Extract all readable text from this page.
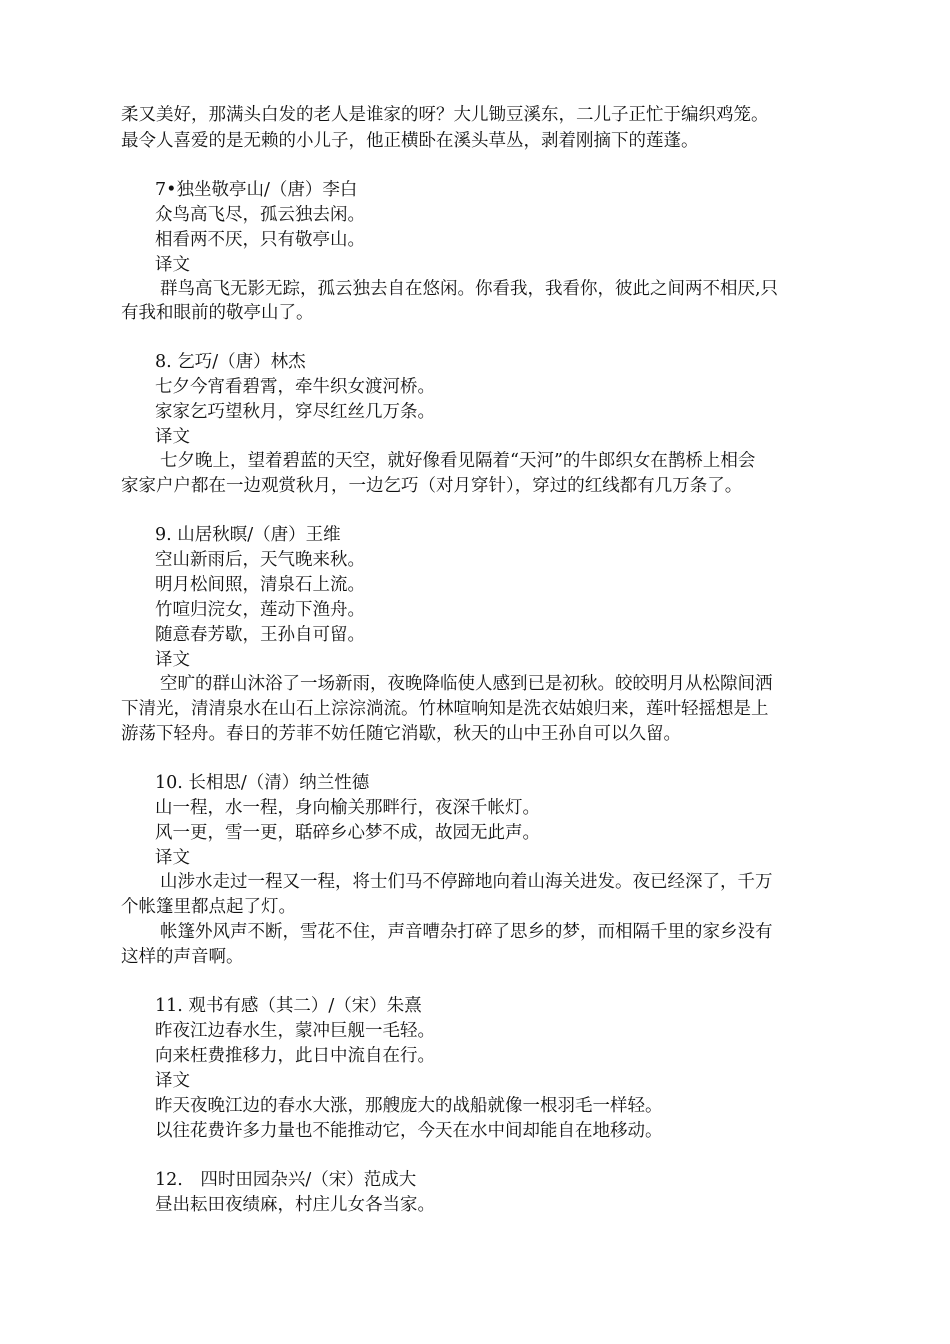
柔又美好，那满头白发的老人是谁家的呀？大儿锄豆溪东，二儿子正忙于编织鸡笼。
最令人喜爱的是无赖的小儿子，他正横卧在溪头草丛，剥着刚摘下的莲蓬。
7•独坐敬亭山/（唐）李白
众鸟高飞尽，孤云独去闲。
相看两不厌，只有敬亭山。
译文
群鸟高飞无影无踪，孤云独去自在悠闲。你看我，我看你，彼此之间两不相厌,只
有我和眼前的敬亭山了。
8. 乞巧/（唐）林杰
七夕今宵看碧霄，牵牛织女渡河桥。
家家乞巧望秋月，穿尽红丝几万条。
译文
七夕晚上，望着碧蓝的天空，就好像看见隔着“天河”的牛郎织女在鹊桥上相会
家家户户都在一边观赏秋月，一边乞巧（对月穿针），穿过的红线都有几万条了。
9. 山居秋暝/（唐）王维
空山新雨后，天气晚来秋。
明月松间照，清泉石上流。
竹喧归浣女，莲动下渔舟。
随意春芳歇，王孙自可留。
译文
空旷的群山沐浴了一场新雨，夜晚降临使人感到已是初秋。皎皎明月从松隙间洒
下清光，清清泉水在山石上淙淙淌流。竹林喧响知是洗衣姑娘归来，莲叶轻摇想是上
游荡下轻舟。春日的芳菲不妨任随它消歇，秋天的山中王孙自可以久留。
10. 长相思/（清）纳兰性德
山一程，水一程，身向榆关那畔行，夜深千帐灯。
风一更，雪一更，聒碎乡心梦不成，故园无此声。
译文
山涉水走过一程又一程，将士们马不停蹄地向着山海关进发。夜已经深了，千万
个帐篷里都点起了灯。
帐篷外风声不断，雪花不住，声音嘈杂打碎了思乡的梦，而相隔千里的家乡没有
这样的声音啊。
11. 观书有感（其二）/（宋）朱熹
昨夜江边春水生，蒙冲巨舰一毛轻。
向来枉费推移力，此日中流自在行。
译文
昨天夜晚江边的春水大涨，那艘庞大的战船就像一根羽毛一样轻。
以往花费许多力量也不能推动它，今天在水中间却能自在地移动。
12.　四时田园杂兴/（宋）范成大
昼出耘田夜绩麻，村庄儿女各当家。
